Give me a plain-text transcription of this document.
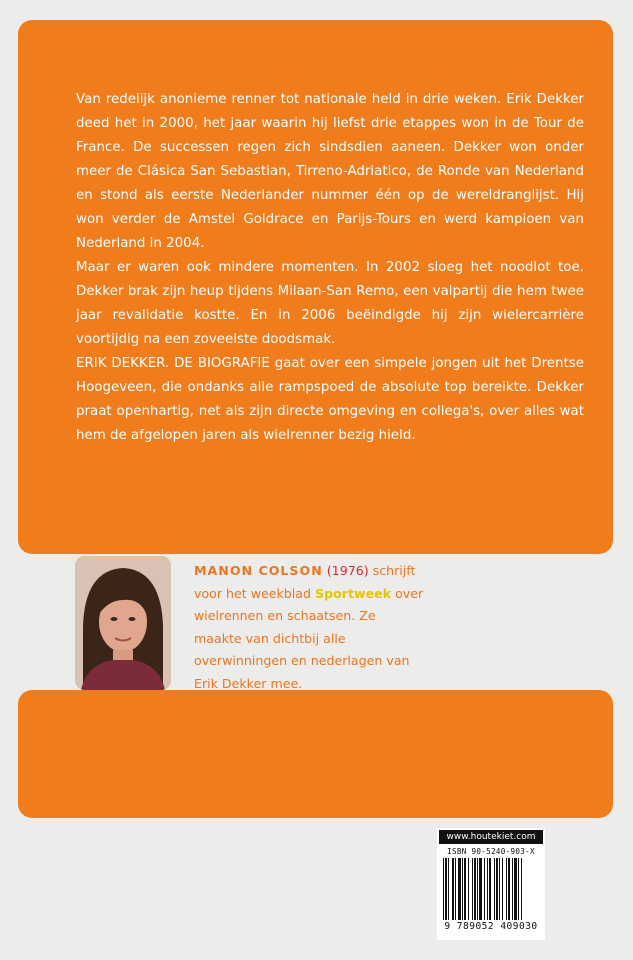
Van redelijk anonieme renner tot nationale held in drie weken. Erik Dekker deed het in 2000, het jaar waarin hij liefst drie etappes won in de Tour de France. De successen regen zich sindsdien aaneen. Dekker won onder meer de Clásica San Sebastian, Tirreno-Adriatico, de Ronde van Nederland en stond als eerste Nederlander nummer één op de wereldranglijst. Hij won verder de Amstel Goldrace en Parijs-Tours en werd kampioen van Nederland in 2004.

Maar er waren ook mindere momenten. In 2002 sloeg het noodlot toe. Dekker brak zijn heup tijdens Milaan-San Remo, een valpartij die hem twee jaar revalidatie kostte. En in 2006 beëindigde hij zijn wielercarrière voortijdig na een zoveelste doodsmak.

ERIK DEKKER. DE BIOGRAFIE gaat over een simpele jongen uit het Drentse Hoogeveen, die ondanks alle rampspoed de absolute top bereikte. Dekker praat openhartig, net als zijn directe omgeving en collega's, over alles wat hem de afgelopen jaren als wielrenner bezig hield.

MANON COLSON (1976) schrijft voor het weekblad Sportweek over wielrennen en schaatsen. Ze maakte van dichtbij alle overwinningen en nederlagen van Erik Dekker mee.
www.houtekiet.com
ISBN 90-5240-903-X
9 789052 409030
